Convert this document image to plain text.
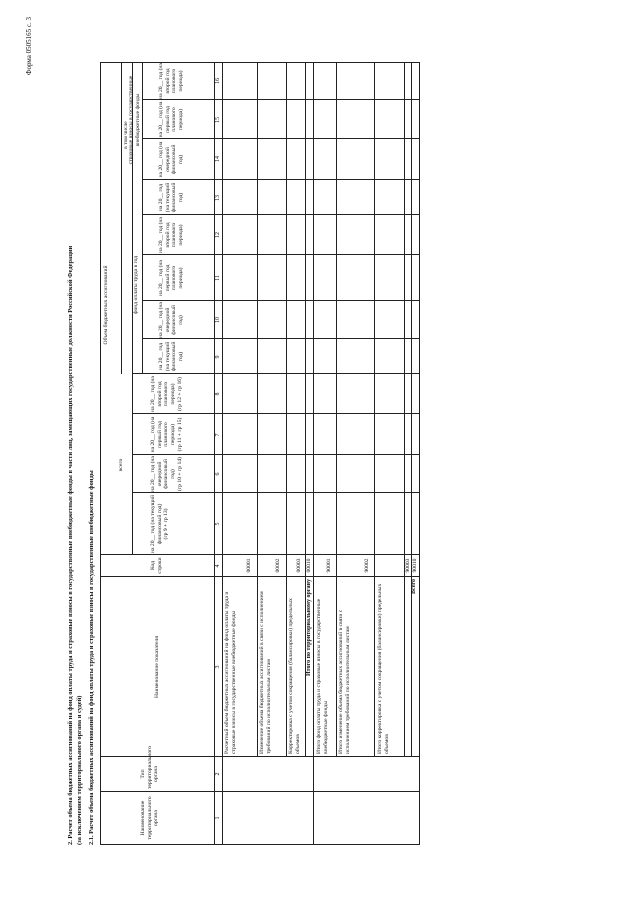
Форма 0505165 с. 3
2. Расчет объема бюджетных ассигнований на фонд оплаты труда и страховые взносы в государственные внебюджетные фонды в части лиц, замещающих государственные должности Российской Федерации (за исключением территориального органа и судей) 2.1. Расчет объема бюджетных ассигнований на фонд оплаты труда и страховые взносы в государственные внебюджетные фонды	Наименование территориального органа
Тип территориального органа
Наименование показателя
Код строки
Объем бюджетных ассигнований
всего
в том числе
фонд оплаты труда в год
страховые взносы в государственные внебюджетные фонды
на 20__ год (на текущий финансовый год)
(гр 9 + гр 13)
на 20__ год (на очередной финансовый год)
(гр 10 + гр 14)
на 20__ год (на первый год планового периода)
(гр 11 + гр 15)
на 20__ год (на второй год планового периода)
(гр 12 + гр 16)
на 20__ год (на текущий финансовый год)
на 20__ год (на очередной финансовый год)
на 20__ год (на первый год планового периода)
на 20__ год (на второй год планового периода)
на 20__ год (на текущий финансовый год)
на 20__ год (на очередной финансовый год)
на 20__ год (на первый год планового периода)
на 20__ год (на второй год планового периода)
1
2
3
4
5
6
7
8
9
10
11
12
13
14
15
16
Расчетный объем бюджетных ассигнований на фонд оплаты труда и страховые взносы в государственные внебюджетные фонды
00001
Изменение объема бюджетных ассигнований в связи с исполнением требований по исполнительным листам
00002
Корректировка с учетом сокращения (балансировки) предельных объемов
00003
Итого по территориальному органу
00010
Итого фонд оплаты труда и страховые взносы в государственные внебюджетные фонды
90001
Итого изменение объема бюджетных ассигнований в связи с исполнением требований по исполнительным листам
90002
Итого корректировка с учетом сокращения (балансировки) предельных объемов
90003
Всего
90010
